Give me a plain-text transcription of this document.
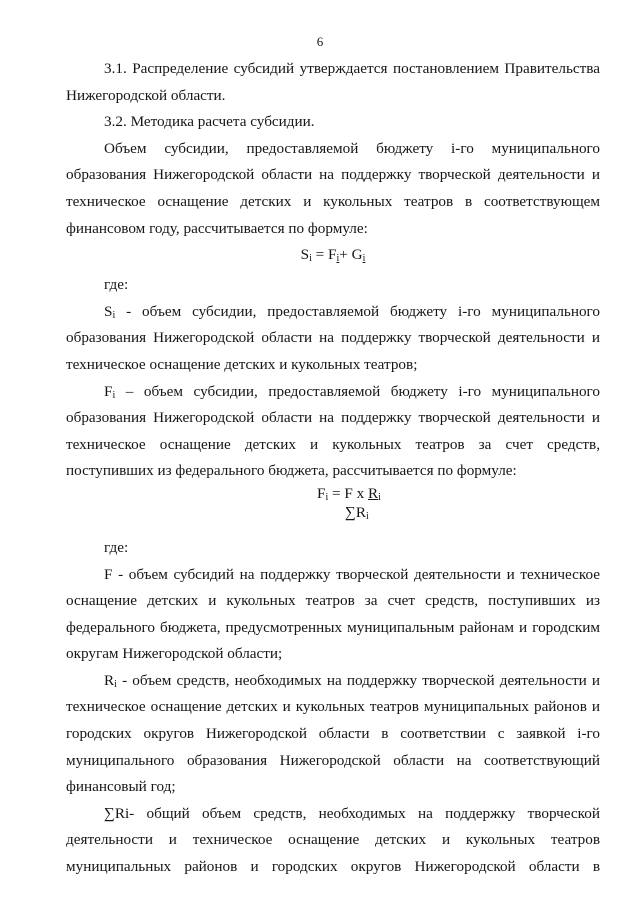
6

3.1. Распределение субсидий утверждается постановлением Правительства Нижегородской области.

3.2. Методика расчета субсидии.

Объем субсидии, предоставляемой бюджету i-го муниципального образования Нижегородской области на поддержку творческой деятельности и техническое оснащение детских и кукольных театров в соответствующем финансовом году, рассчитывается по формуле:

$S_i = F_i+ G_i$

где:

$S_i$ - объем субсидии, предоставляемой бюджету i-го муниципального образования Нижегородской области на поддержку творческой деятельности и техническое оснащение детских и кукольных театров;

$F_i$ – объем субсидии, предоставляемой бюджету i-го муниципального образования Нижегородской области на поддержку творческой деятельности и техническое оснащение детских и кукольных театров за счет средств, поступивших из федерального бюджета, рассчитывается по формуле:

$F_i = F$ x $R_i$
$\sum R_i$

где:

F - объем субсидий на поддержку творческой деятельности и техническое оснащение детских и кукольных театров за счет средств, поступивших из федерального бюджета, предусмотренных муниципальным районам и городским округам Нижегородской области;

$R_i$ - объем средств, необходимых на поддержку творческой деятельности и техническое оснащение детских и кукольных театров муниципальных районов и городских округов Нижегородской области в соответствии с заявкой i-го муниципального образования Нижегородской области на соответствующий финансовый год;

∑Ri- общий объем средств, необходимых на поддержку творческой деятельности и техническое оснащение детских и кукольных театров муниципальных районов и городских округов Нижегородской области в
